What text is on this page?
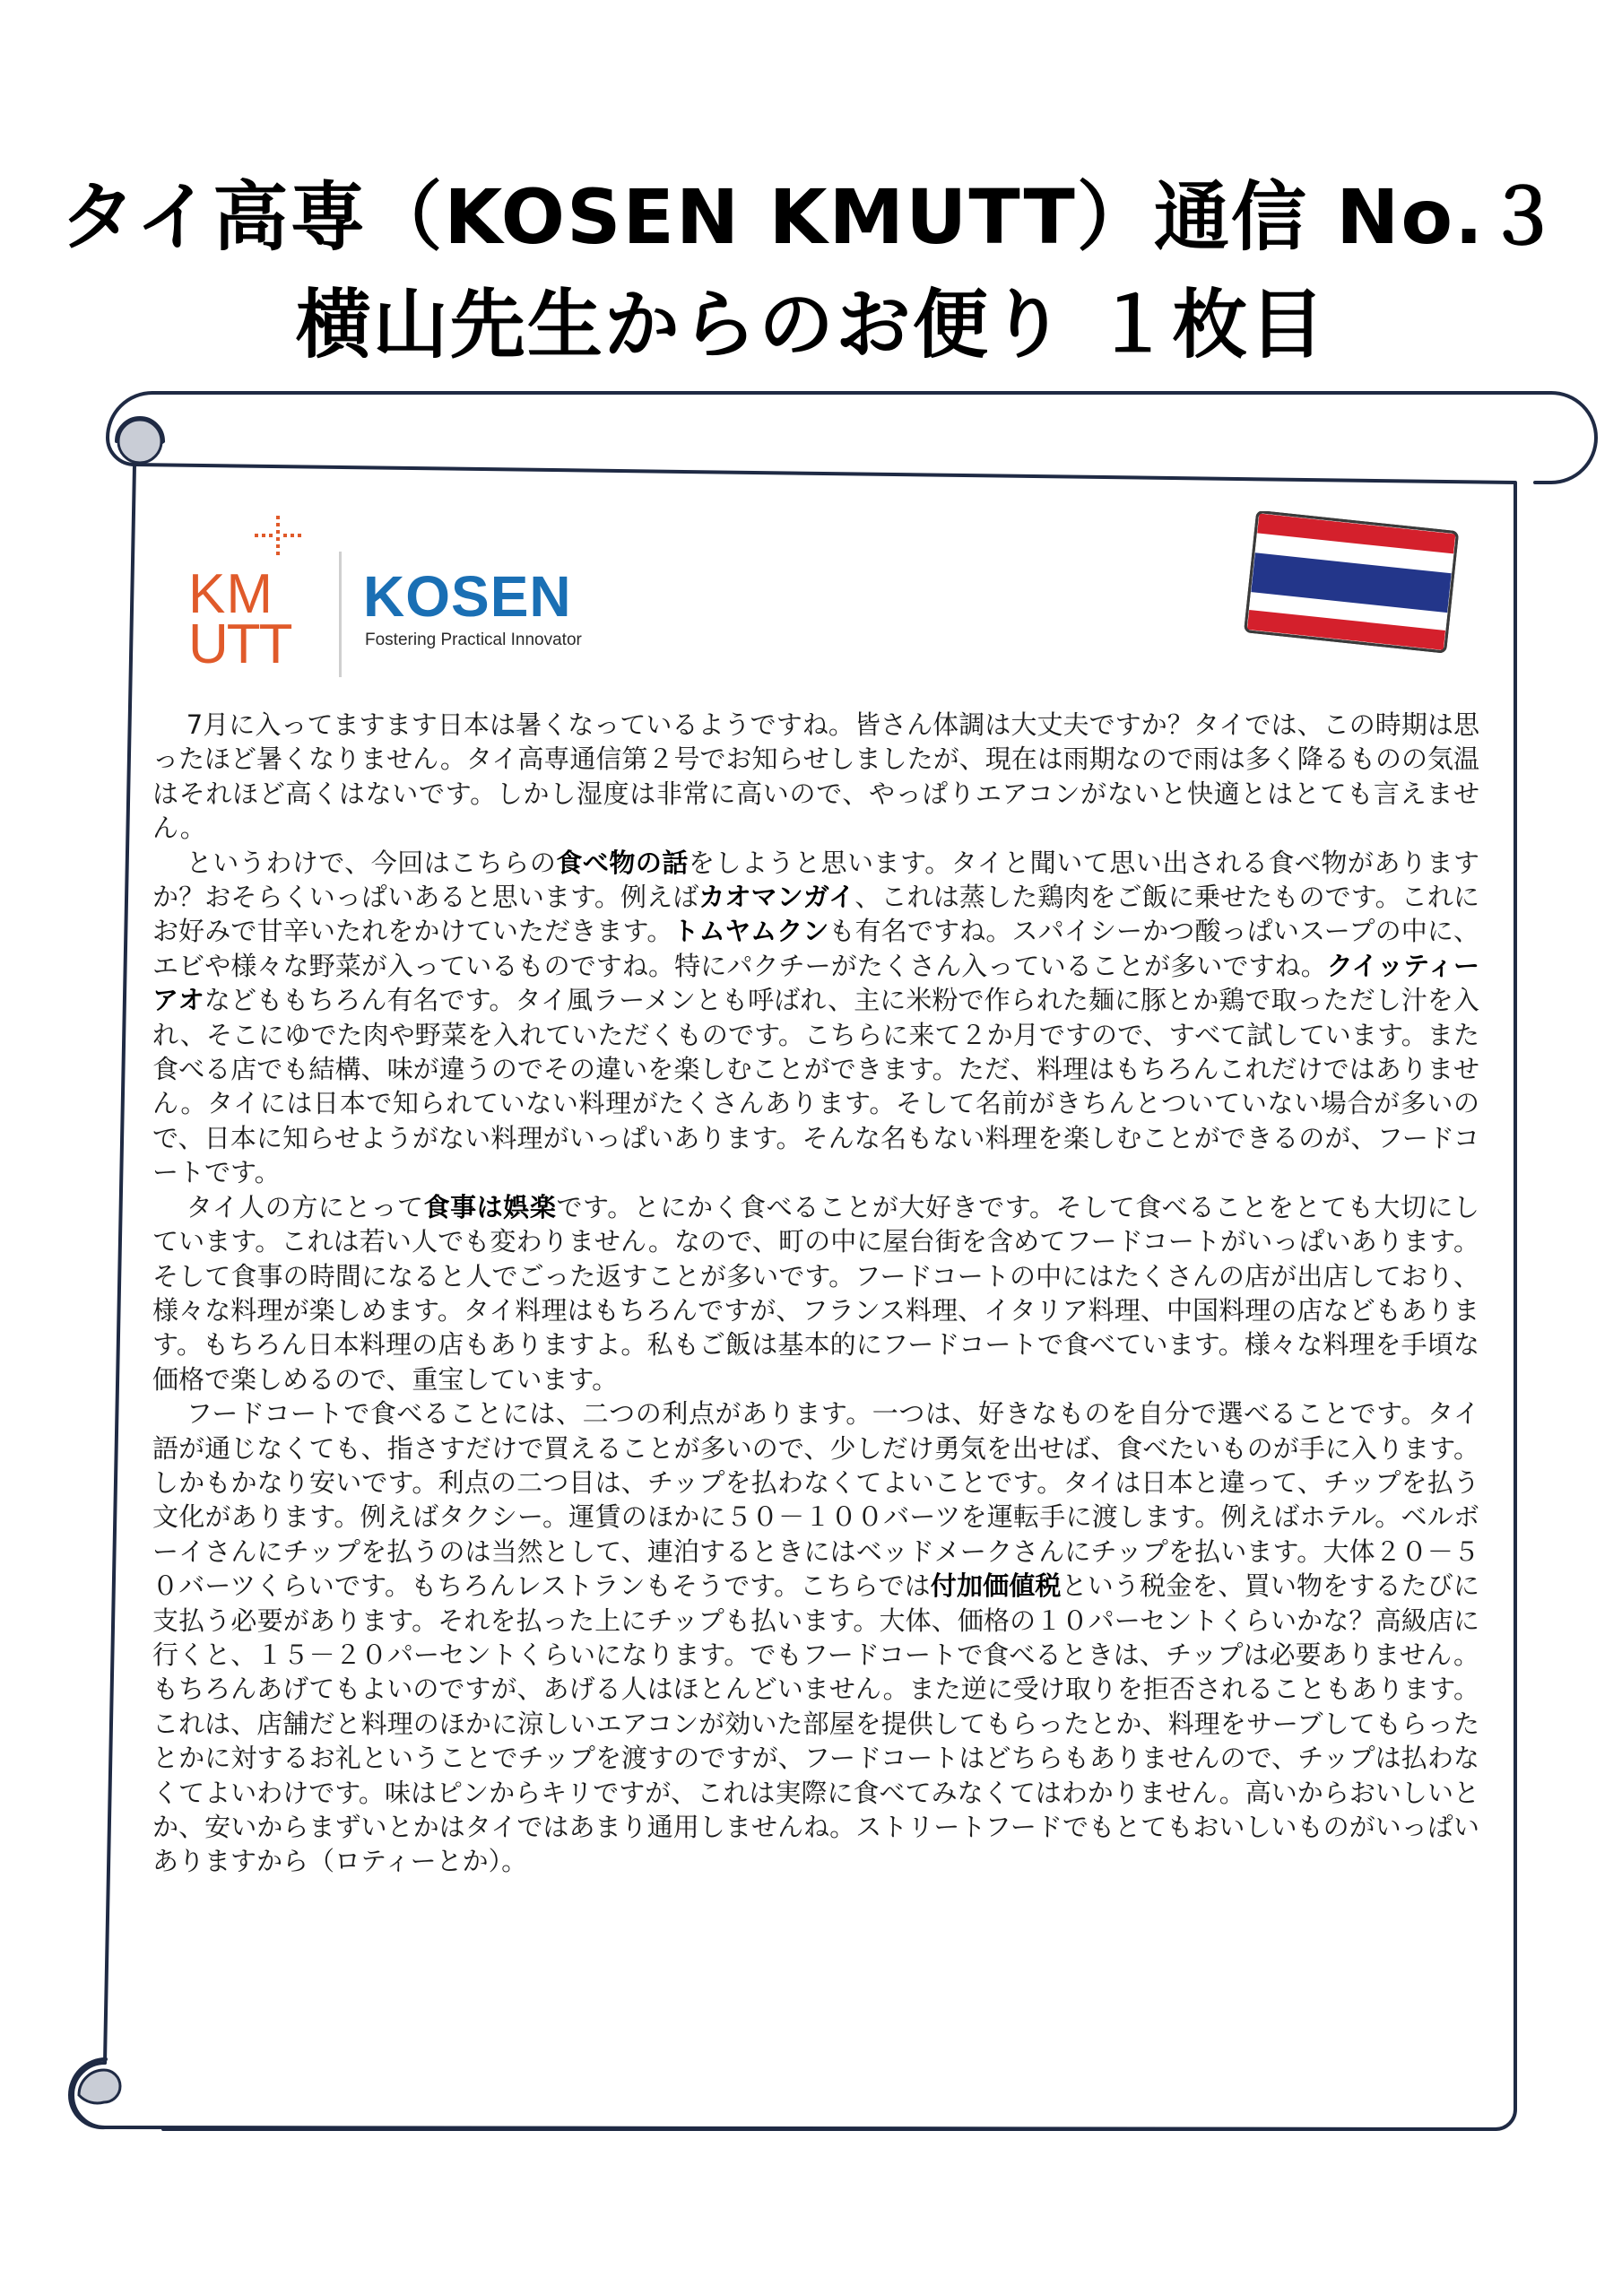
タイ高専（KOSEN KMUTT）通信 No.３
横山先生からのお便り １枚目
KM
UTT
KOSEN
Fostering Practical Innovator

7月に入ってますます日本は暑くなっているようですね。皆さん体調は大丈夫ですか？タイでは、この時期は思ったほど暑くなりません。タイ高専通信第２号でお知らせしましたが、現在は雨期なので雨は多く降るものの気温はそれほど高くはないです。しかし湿度は非常に高いので、やっぱりエアコンがないと快適とはとても言えません。

というわけで、今回はこちらの食べ物の話をしようと思います。タイと聞いて思い出される食べ物がありますか？おそらくいっぱいあると思います。例えばカオマンガイ、これは蒸した鶏肉をご飯に乗せたものです。これにお好みで甘辛いたれをかけていただきます。トムヤムクンも有名ですね。スパイシーかつ酸っぱいスープの中に、エビや様々な野菜が入っているものですね。特にパクチーがたくさん入っていることが多いですね。クイッティーアオなどももちろん有名です。タイ風ラーメンとも呼ばれ、主に米粉で作られた麺に豚とか鶏で取っただし汁を入れ、そこにゆでた肉や野菜を入れていただくものです。こちらに来て２か月ですので、すべて試しています。また食べる店でも結構、味が違うのでその違いを楽しむことができます。ただ、料理はもちろんこれだけではありません。タイには日本で知られていない料理がたくさんあります。そして名前がきちんとついていない場合が多いので、日本に知らせようがない料理がいっぱいあります。そんな名もない料理を楽しむことができるのが、フードコートです。

タイ人の方にとって食事は娯楽です。とにかく食べることが大好きです。そして食べることをとても大切にしています。これは若い人でも変わりません。なので、町の中に屋台街を含めてフードコートがいっぱいあります。そして食事の時間になると人でごった返すことが多いです。フードコートの中にはたくさんの店が出店しており、様々な料理が楽しめます。タイ料理はもちろんですが、フランス料理、イタリア料理、中国料理の店などもあります。もちろん日本料理の店もありますよ。私もご飯は基本的にフードコートで食べています。様々な料理を手頃な価格で楽しめるので、重宝しています。

フードコートで食べることには、二つの利点があります。一つは、好きなものを自分で選べることです。タイ語が通じなくても、指さすだけで買えることが多いので、少しだけ勇気を出せば、食べたいものが手に入ります。しかもかなり安いです。利点の二つ目は、チップを払わなくてよいことです。タイは日本と違って、チップを払う文化があります。例えばタクシー。運賃のほかに５０－１００バーツを運転手に渡します。例えばホテル。ベルボーイさんにチップを払うのは当然として、連泊するときにはベッドメークさんにチップを払います。大体２０－５０バーツくらいです。もちろんレストランもそうです。こちらでは付加価値税という税金を、買い物をするたびに支払う必要があります。それを払った上にチップも払います。大体、価格の１０パーセントくらいかな？高級店に行くと、１５－２０パーセントくらいになります。でもフードコートで食べるときは、チップは必要ありません。もちろんあげてもよいのですが、あげる人はほとんどいません。また逆に受け取りを拒否されることもあります。これは、店舗だと料理のほかに涼しいエアコンが効いた部屋を提供してもらったとか、料理をサーブしてもらったとかに対するお礼ということでチップを渡すのですが、フードコートはどちらもありませんので、チップは払わなくてよいわけです。味はピンからキリですが、これは実際に食べてみなくてはわかりません。高いからおいしいとか、安いからまずいとかはタイではあまり通用しませんね。ストリートフードでもとてもおいしいものがいっぱいありますから（ロティーとか）。
